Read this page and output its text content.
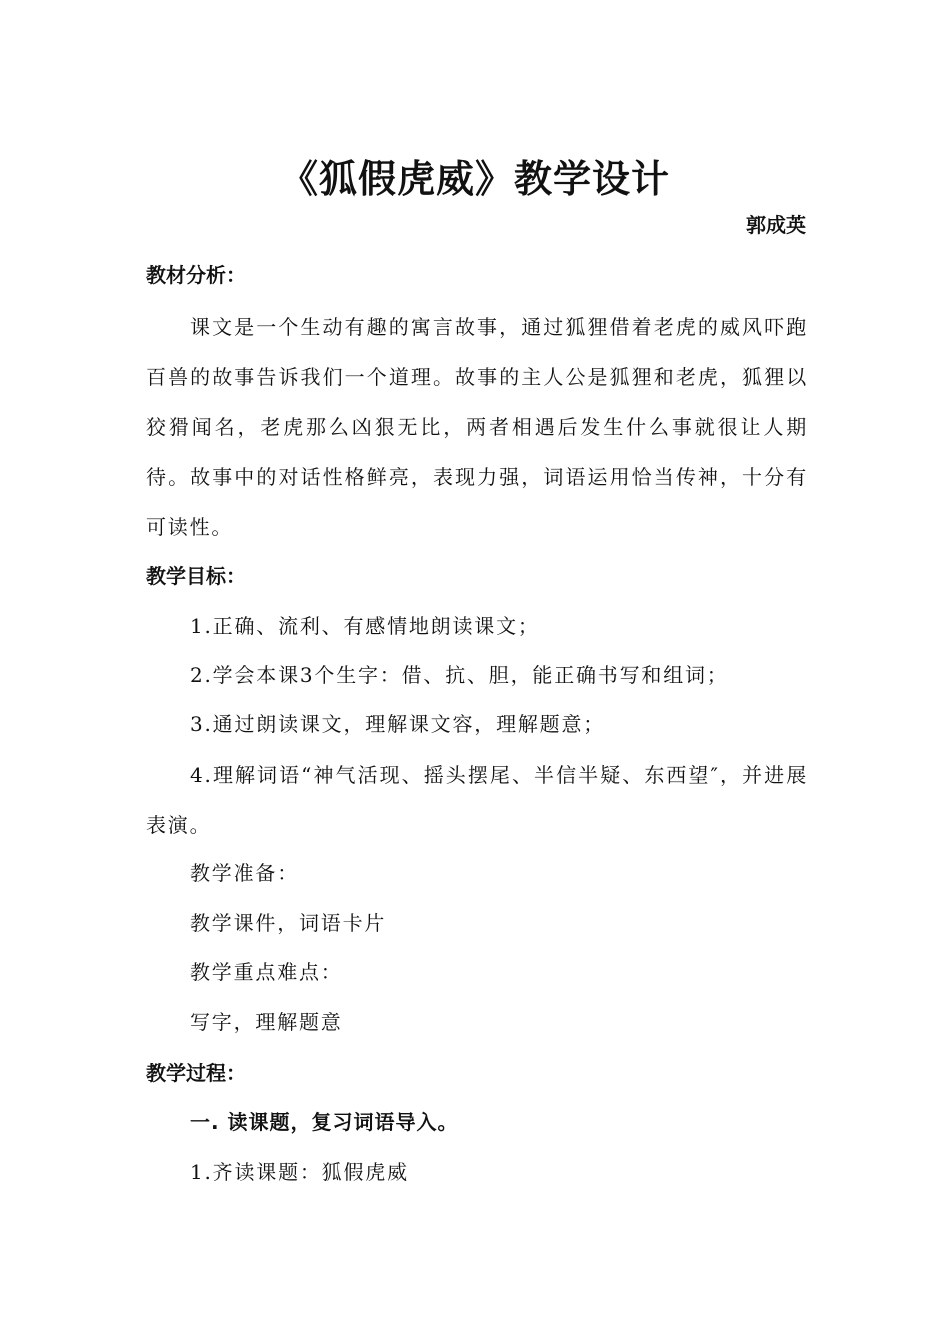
《狐假虎威》教学设计
郭成英
教材分析：

课文是一个生动有趣的寓言故事，通过狐狸借着老虎的威风吓跑百兽的故事告诉我们一个道理。故事的主人公是狐狸和老虎，狐狸以狡猾闻名，老虎那么凶狠无比，两者相遇后发生什么事就很让人期待。故事中的对话性格鲜亮，表现力强，词语运用恰当传神，十分有可读性。

教学目标：
1.正确、流利、有感情地朗读课文；
2.学会本课3个生字：借、抗、胆，能正确书写和组词；
3.通过朗读课文，理解课文容，理解题意；

4.理解词语“神气活现、摇头摆尾、半信半疑、东西望″，并进展表演。

教学准备：
教学课件，词语卡片
教学重点难点：
写字，理解题意
教学过程：
一. 读课题，复习词语导入。
1.齐读课题：狐假虎威
